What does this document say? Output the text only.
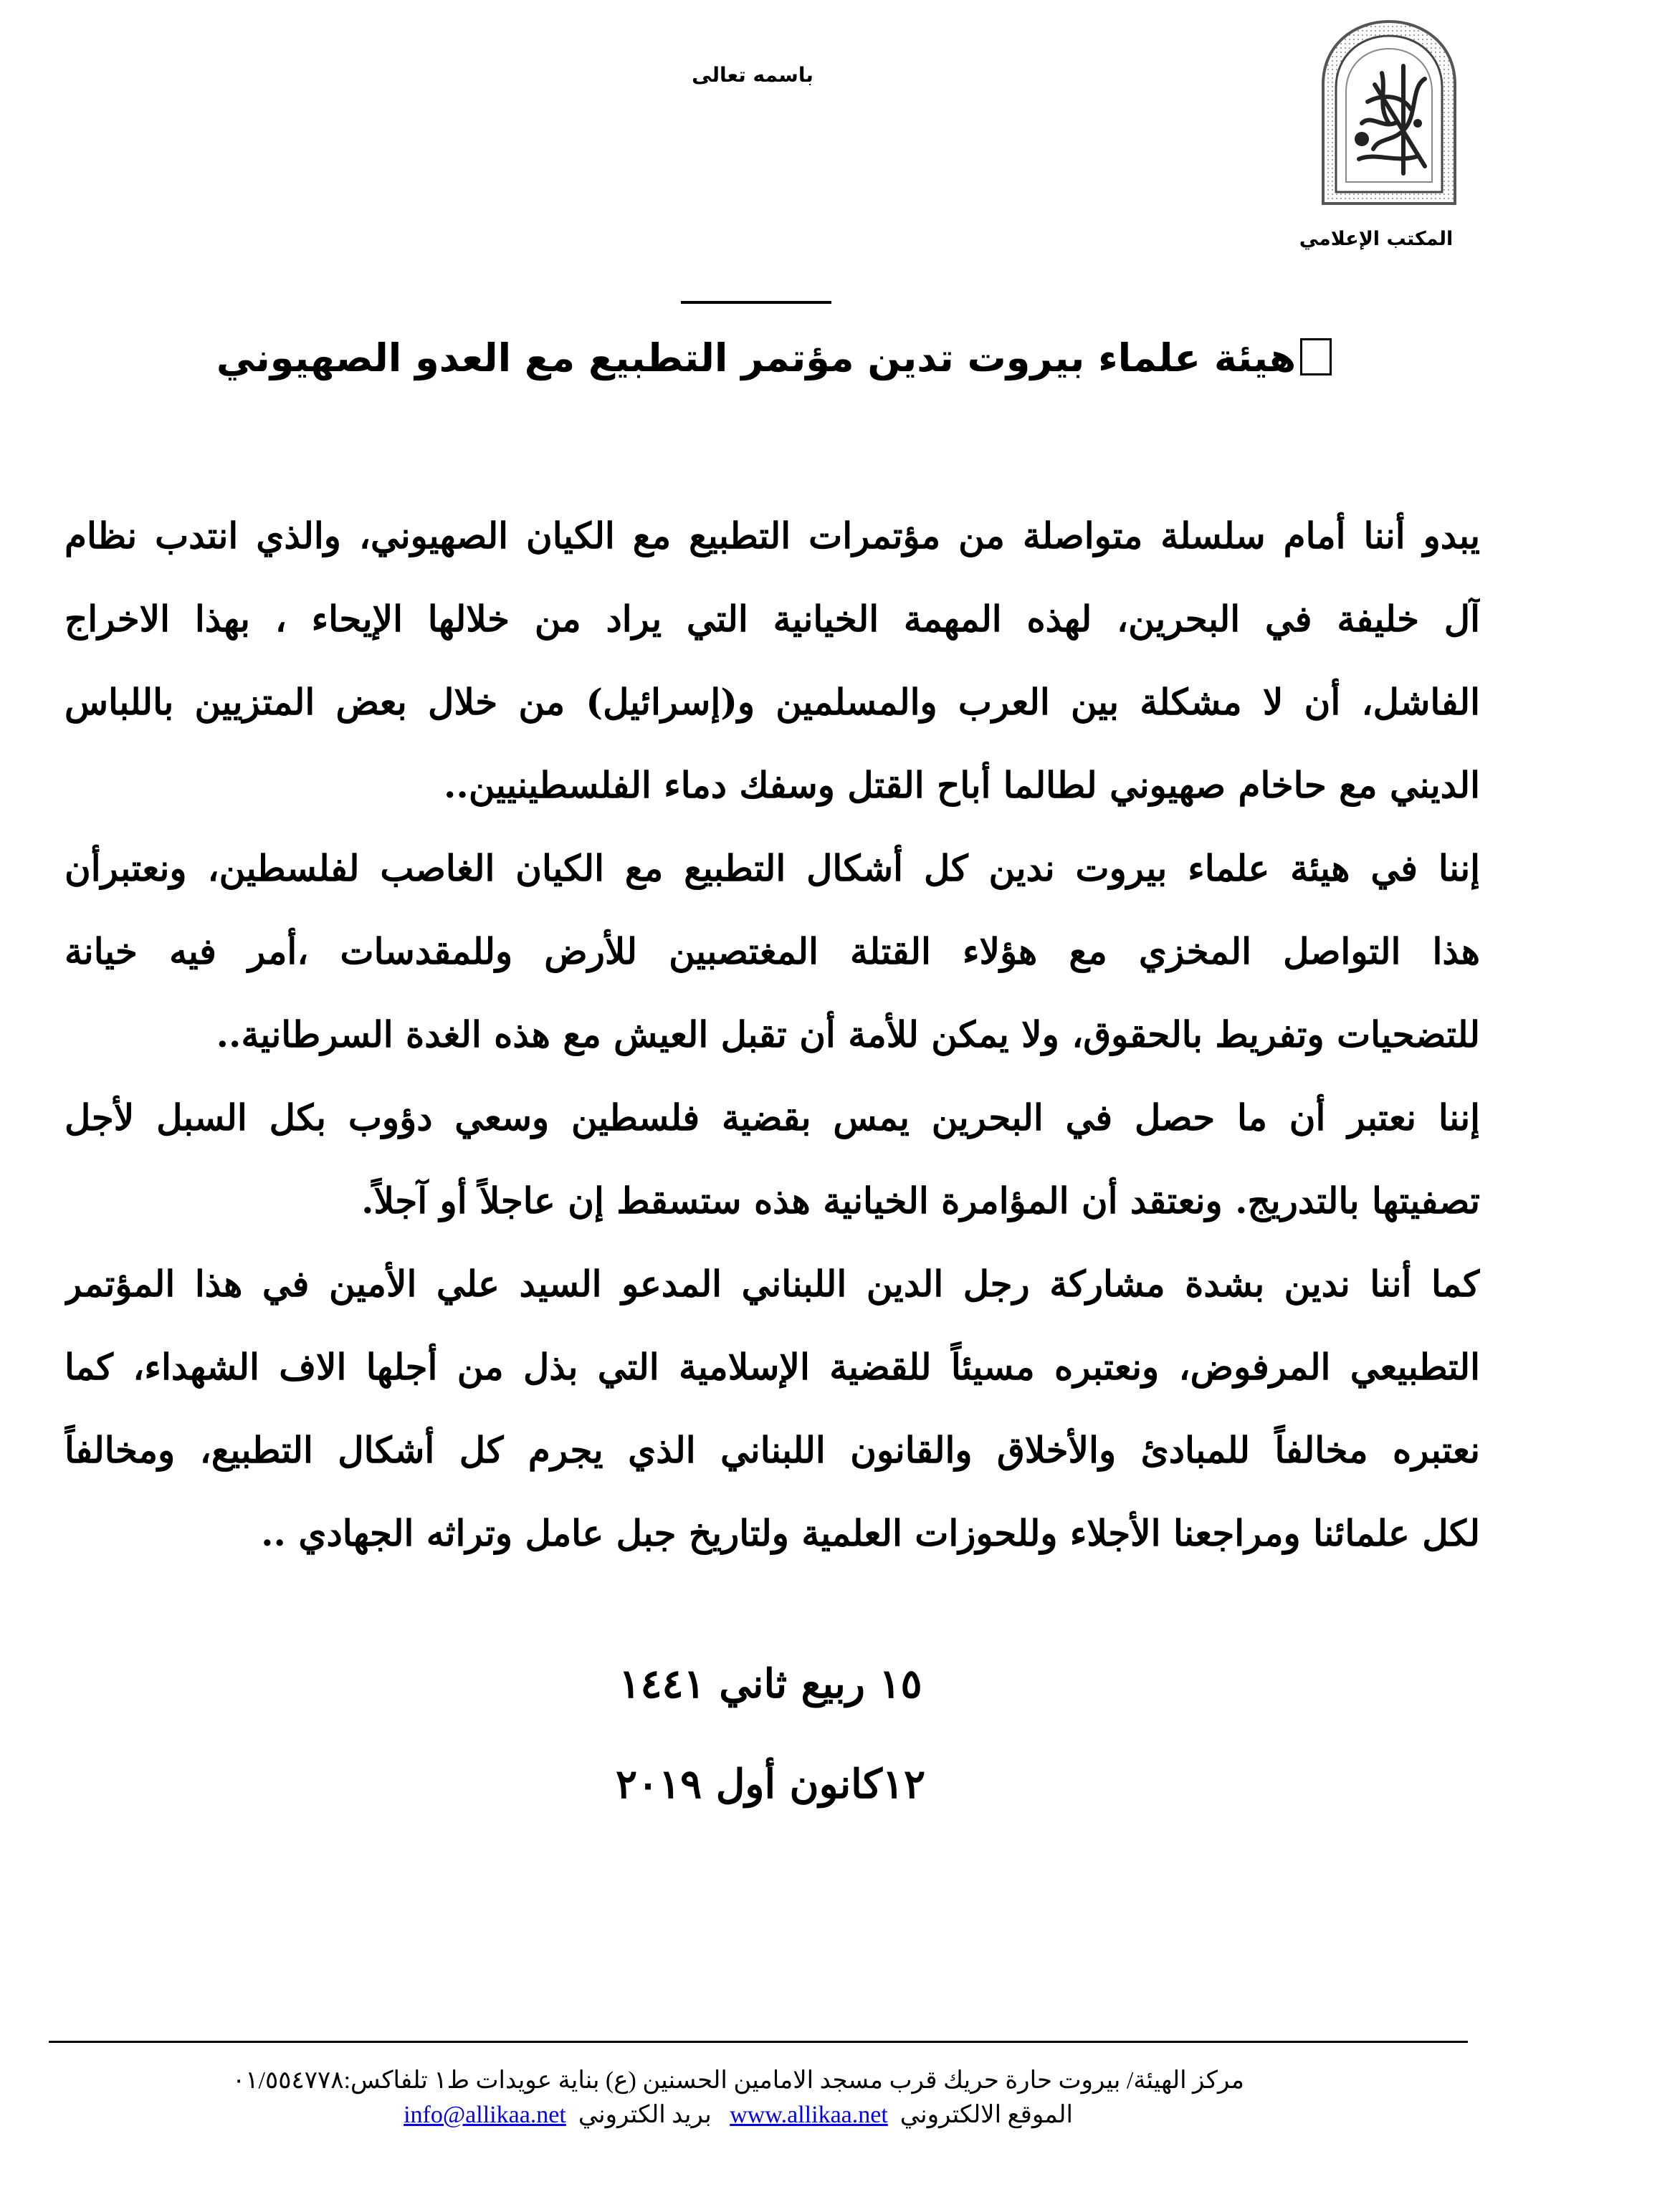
باسمه تعالى
المكتب الإعلامي
هيئة علماء بيروت تدين مؤتمر التطبيع مع العدو الصهيوني
يبدو أننا أمام سلسلة متواصلة من مؤتمرات التطبيع مع الكيان الصهيوني، والذي انتدب نظام
آل خليفة في البحرين، لهذه المهمة الخيانية التي يراد من خلالها الإيحاء ، بهذا الاخراج
الفاشل، أن لا مشكلة بين العرب والمسلمين و(إسرائيل) من خلال بعض المتزيين باللباس
الديني مع حاخام صهيوني لطالما أباح القتل وسفك دماء الفلسطينيين..
إننا في هيئة علماء بيروت ندين كل أشكال التطبيع مع الكيان الغاصب لفلسطين، ونعتبرأن
هذا التواصل المخزي مع هؤلاء القتلة المغتصبين للأرض وللمقدسات ،أمر فيه خيانة
للتضحيات وتفريط بالحقوق، ولا يمكن للأمة أن تقبل العيش مع هذه الغدة السرطانية..
إننا نعتبر أن ما حصل في البحرين يمس بقضية فلسطين وسعي دؤوب بكل السبل لأجل
تصفيتها بالتدريج. ونعتقد أن المؤامرة الخيانية هذه ستسقط إن عاجلاً أو آجلاً.
كما أننا ندين بشدة مشاركة رجل الدين اللبناني المدعو السيد علي الأمين في هذا المؤتمر
التطبيعي المرفوض، ونعتبره مسيئاً للقضية الإسلامية التي بذل من أجلها الاف الشهداء، كما
نعتبره مخالفاً للمبادئ والأخلاق والقانون اللبناني الذي يجرم كل أشكال التطبيع، ومخالفاً
لكل علمائنا ومراجعنا الأجلاء وللحوزات العلمية ولتاريخ جبل عامل وتراثه الجهادي ..
١٥ ربيع ثاني ١٤٤١
١٢كانون أول ٢٠١٩
مركز الهيئة/ بيروت حارة حريك قرب مسجد الامامين الحسنين (ع) بناية عويدات ط١ تلفاكس:٠١/٥٥٤٧٧٨
الموقع الالكتروني  www.allikaa.net   بريد الكتروني  info@allikaa.net
